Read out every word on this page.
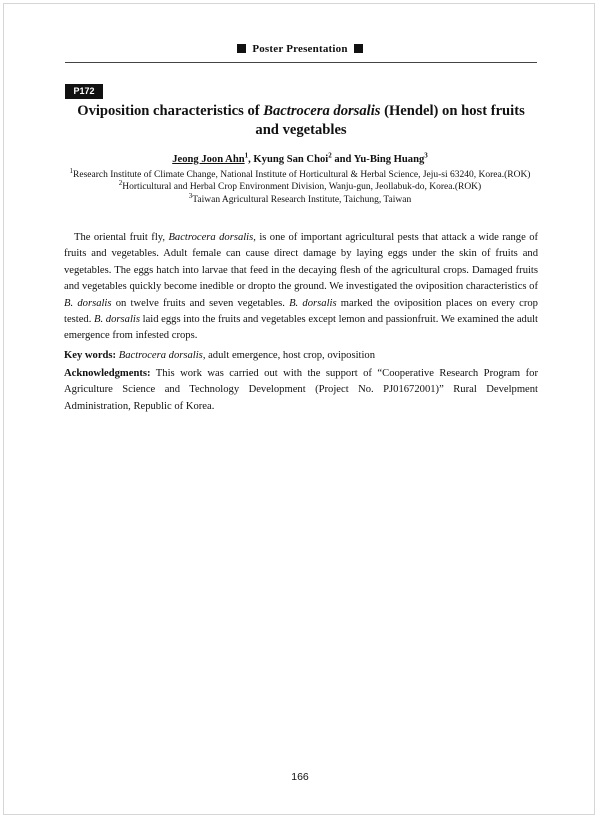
Poster Presentation
P172
Oviposition characteristics of Bactrocera dorsalis (Hendel) on host fruits and vegetables
Jeong Joon Ahn$^1$, Kyung San Choi$^2$ and Yu-Bing Huang$^3$
$^1$Research Institute of Climate Change, National Institute of Horticultural & Herbal Science, Jeju-si 63240, Korea.(ROK)
$^2$Horticultural and Herbal Crop Environment Division, Wanju-gun, Jeollabuk-do, Korea.(ROK)
$^3$Taiwan Agricultural Research Institute, Taichung, Taiwan
The oriental fruit fly, Bactrocera dorsalis, is one of important agricultural pests that attack a wide range of fruits and vegetables. Adult female can cause direct damage by laying eggs under the skin of fruits and vegetables. The eggs hatch into larvae that feed in the decaying flesh of the agricultural crops. Damaged fruits and vegetables quickly become inedible or dropto the ground. We investigated the oviposition characteristics of B. dorsalis on twelve fruits and seven vegetables. B. dorsalis marked the oviposition places on every crop tested. B. dorsalis laid eggs into the fruits and vegetables except lemon and passionfruit. We examined the adult emergence from infested crops.
Key words: Bactrocera dorsalis, adult emergence, host crop, oviposition
Acknowledgments: This work was carried out with the support of “Cooperative Research Program for Agriculture Science and Technology Development (Project No. PJ01672001)” Rural Develpment Administration, Republic of Korea.
166
